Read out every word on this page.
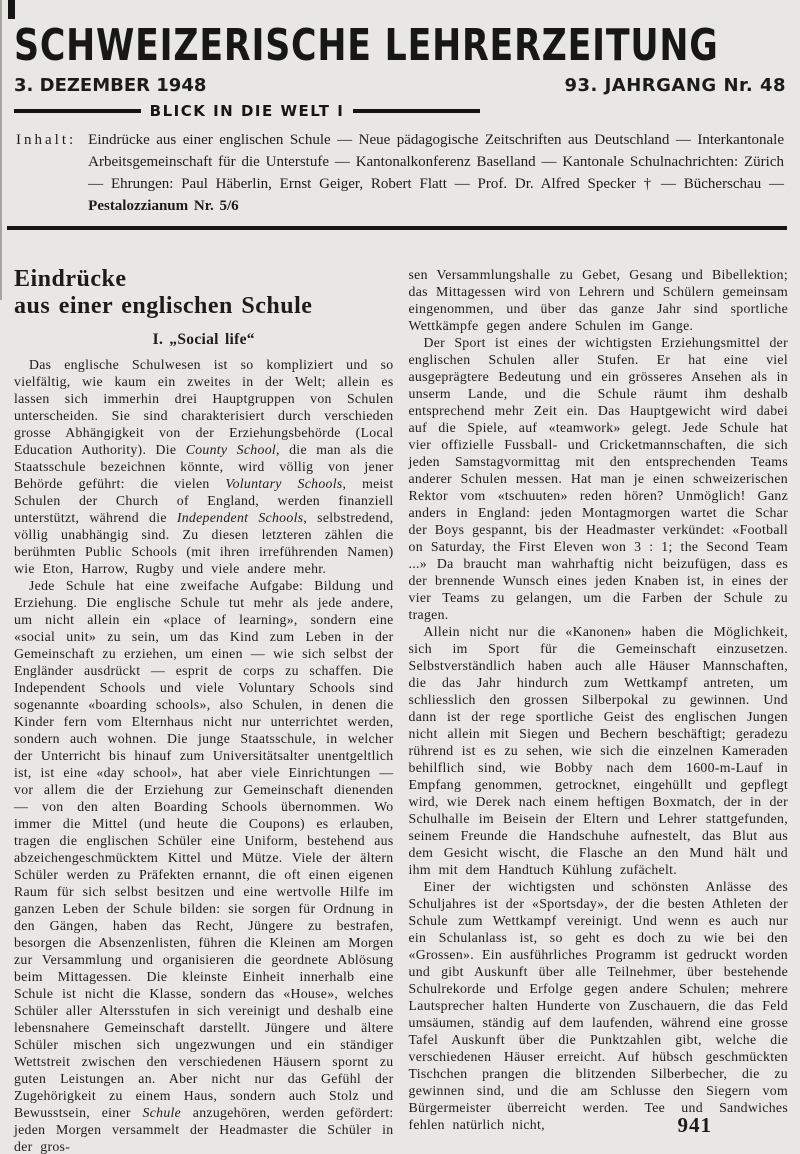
SCHWEIZERISCHE LEHRERZEITUNG
3. DEZEMBER 1948	93. JAHRGANG Nr. 48
BLICK IN DIE WELT I
Inhalt: Eindrücke aus einer englischen Schule — Neue pädagogische Zeitschriften aus Deutschland — Interkantonale Arbeitsgemeinschaft für die Unterstufe — Kantonalkonferenz Baselland — Kantonale Schulnachrichten: Zürich — Ehrungen: Paul Häberlin, Ernst Geiger, Robert Flatt — Prof. Dr. Alfred Specker † — Bücherschau — Pestalozzianum Nr. 5/6
Eindrücke
aus einer englischen Schule
I. „Social life“

Das englische Schulwesen ist so kompliziert und so vielfältig, wie kaum ein zweites in der Welt; allein es lassen sich immerhin drei Hauptgruppen von Schulen unterscheiden. Sie sind charakterisiert durch verschieden grosse Abhängigkeit von der Erziehungsbehörde (Local Education Authority). Die County School, die man als die Staatsschule bezeichnen könnte, wird völlig von jener Behörde geführt: die vielen Voluntary Schools, meist Schulen der Church of England, werden finanziell unterstützt, während die Independent Schools, selbstredend, völlig unabhängig sind. Zu diesen letzteren zählen die berühmten Public Schools (mit ihren irreführenden Namen) wie Eton, Harrow, Rugby und viele andere mehr.

Jede Schule hat eine zweifache Aufgabe: Bildung und Erziehung. Die englische Schule tut mehr als jede andere, um nicht allein ein «place of learning», sondern eine «social unit» zu sein, um das Kind zum Leben in der Gemeinschaft zu erziehen, um einen — wie sich selbst der Engländer ausdrückt — esprit de corps zu schaffen. Die Independent Schools und viele Voluntary Schools sind sogenannte «boarding schools», also Schulen, in denen die Kinder fern vom Elternhaus nicht nur unterrichtet werden, sondern auch wohnen. Die junge Staatsschule, in welcher der Unterricht bis hinauf zum Universitätsalter unentgeltlich ist, ist eine «day school», hat aber viele Einrichtungen — vor allem die der Erziehung zur Gemeinschaft dienenden — von den alten Boarding Schools übernommen. Wo immer die Mittel (und heute die Coupons) es erlauben, tragen die englischen Schüler eine Uniform, bestehend aus abzeichengeschmücktem Kittel und Mütze. Viele der ältern Schüler werden zu Präfekten ernannt, die oft einen eigenen Raum für sich selbst besitzen und eine wertvolle Hilfe im ganzen Leben der Schule bilden: sie sorgen für Ordnung in den Gängen, haben das Recht, Jüngere zu bestrafen, besorgen die Absenzenlisten, führen die Kleinen am Morgen zur Versammlung und organisieren die geordnete Ablösung beim Mittagessen. Die kleinste Einheit innerhalb eine Schule ist nicht die Klasse, sondern das «House», welches Schüler aller Altersstufen in sich vereinigt und deshalb eine lebensnahere Gemeinschaft darstellt. Jüngere und ältere Schüler mischen sich ungezwungen und ein ständiger Wettstreit zwischen den verschiedenen Häusern spornt zu guten Leistungen an. Aber nicht nur das Gefühl der Zugehörigkeit zu einem Haus, sondern auch Stolz und Bewusstsein, einer Schule anzugehören, werden gefördert: jeden Morgen versammelt der Headmaster die Schüler in der gros-

sen Versammlungshalle zu Gebet, Gesang und Bibellektion; das Mittagessen wird von Lehrern und Schülern gemeinsam eingenommen, und über das ganze Jahr sind sportliche Wettkämpfe gegen andere Schulen im Gange.

Der Sport ist eines der wichtigsten Erziehungsmittel der englischen Schulen aller Stufen. Er hat eine viel ausgeprägtere Bedeutung und ein grösseres Ansehen als in unserm Lande, und die Schule räumt ihm deshalb entsprechend mehr Zeit ein. Das Hauptgewicht wird dabei auf die Spiele, auf «teamwork» gelegt. Jede Schule hat vier offizielle Fussball- und Cricketmannschaften, die sich jeden Samstagvormittag mit den entsprechenden Teams anderer Schulen messen. Hat man je einen schweizerischen Rektor vom «tschuuten» reden hören? Unmöglich! Ganz anders in England: jeden Montagmorgen wartet die Schar der Boys gespannt, bis der Headmaster verkündet: «Football on Saturday, the First Eleven won 3 : 1; the Second Team ...» Da braucht man wahrhaftig nicht beizufügen, dass es der brennende Wunsch eines jeden Knaben ist, in eines der vier Teams zu gelangen, um die Farben der Schule zu tragen.

Allein nicht nur die «Kanonen» haben die Möglichkeit, sich im Sport für die Gemeinschaft einzusetzen. Selbstverständlich haben auch alle Häuser Mannschaften, die das Jahr hindurch zum Wettkampf antreten, um schliesslich den grossen Silberpokal zu gewinnen. Und dann ist der rege sportliche Geist des englischen Jungen nicht allein mit Siegen und Bechern beschäftigt; geradezu rührend ist es zu sehen, wie sich die einzelnen Kameraden behilflich sind, wie Bobby nach dem 1600-m-Lauf in Empfang genommen, getrocknet, eingehüllt und gepflegt wird, wie Derek nach einem heftigen Boxmatch, der in der Schulhalle im Beisein der Eltern und Lehrer stattgefunden, seinem Freunde die Handschuhe aufnestelt, das Blut aus dem Gesicht wischt, die Flasche an den Mund hält und ihm mit dem Handtuch Kühlung zufächelt.

Einer der wichtigsten und schönsten Anlässe des Schuljahres ist der «Sportsday», der die besten Athleten der Schule zum Wettkampf vereinigt. Und wenn es auch nur ein Schulanlass ist, so geht es doch zu wie bei den «Grossen». Ein ausführliches Programm ist gedruckt worden und gibt Auskunft über alle Teilnehmer, über bestehende Schulrekorde und Erfolge gegen andere Schulen; mehrere Lautsprecher halten Hunderte von Zuschauern, die das Feld umsäumen, ständig auf dem laufenden, während eine grosse Tafel Auskunft über die Punktzahlen gibt, welche die verschiedenen Häuser erreicht. Auf hübsch geschmückten Tischchen prangen die blitzenden Silberbecher, die zu gewinnen sind, und die am Schlusse den Siegern vom Bürgermeister überreicht werden. Tee und Sandwiches fehlen natürlich nicht,	941
